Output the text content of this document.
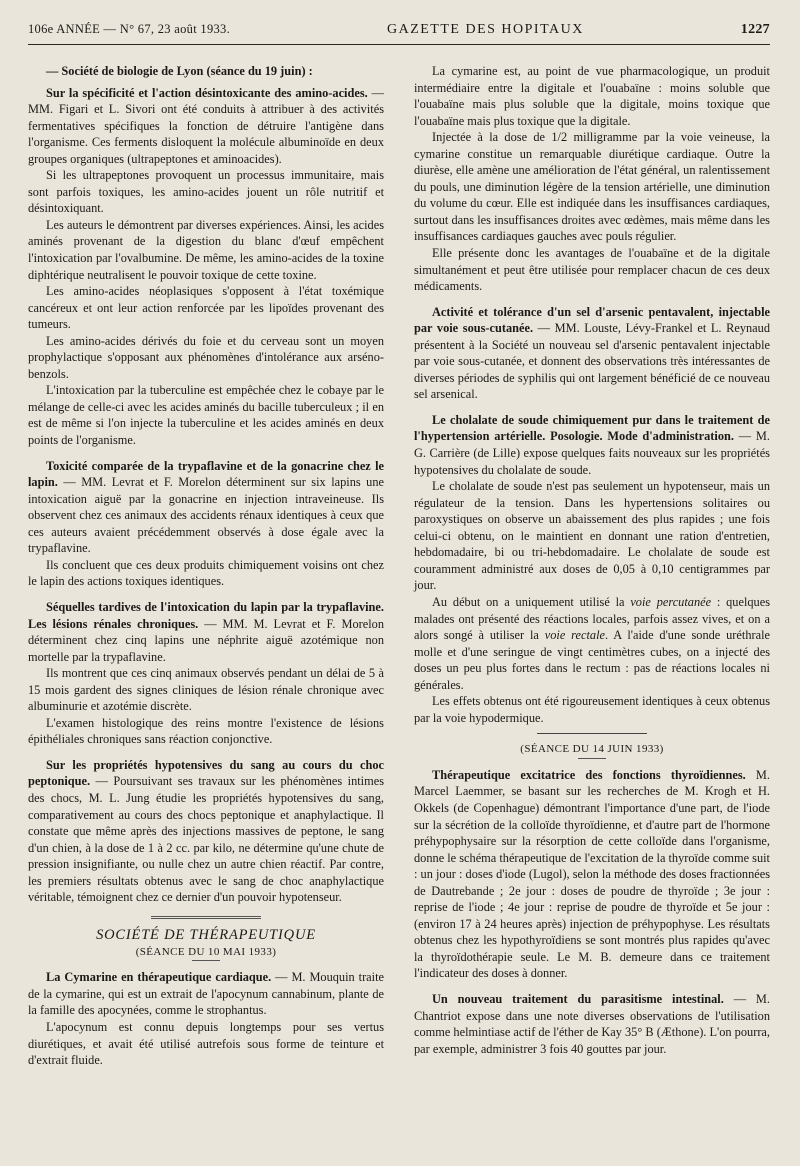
106e ANNÉE — N° 67, 23 août 1933.	GAZETTE DES HOPITAUX	1227

— Société de biologie de Lyon (séance du 19 juin) :

Sur la spécificité et l'action désintoxicante des amino-acides. — MM. Figari et L. Sivori ont été conduits à attribuer à des activités fermentatives spécifiques la fonction de détruire l'antigène dans l'organisme. Ces ferments disloquent la molécule albuminoïde en deux groupes organiques (ultrapeptones et aminoacides).

Si les ultrapeptones provoquent un processus immunitaire, mais sont parfois toxiques, les amino-acides jouent un rôle nutritif et désintoxiquant.

Les auteurs le démontrent par diverses expériences. Ainsi, les acides aminés provenant de la digestion du blanc d'œuf empêchent l'intoxication par l'ovalbumine. De même, les amino-acides de la toxine diphtérique neutralisent le pouvoir toxique de cette toxine.

Les amino-acides néoplasiques s'opposent à l'état toxémique cancéreux et ont leur action renforcée par les lipoïdes provenant des tumeurs.

Les amino-acides dérivés du foie et du cerveau sont un moyen prophylactique s'opposant aux phénomènes d'intolérance aux arséno-benzols.

L'intoxication par la tuberculine est empêchée chez le cobaye par le mélange de celle-ci avec les acides aminés du bacille tuberculeux ; il en est de même si l'on injecte la tuberculine et les acides aminés en deux points de l'organisme.

Toxicité comparée de la trypaflavine et de la gonacrine chez le lapin. — MM. Levrat et F. Morelon déterminent sur six lapins une intoxication aiguë par la gonacrine en injection intraveineuse. Ils observent chez ces animaux des accidents rénaux identiques à ceux que ces auteurs avaient précédemment observés à dose égale avec la trypaflavine.

Ils concluent que ces deux produits chimiquement voisins ont chez le lapin des actions toxiques identiques.

Séquelles tardives de l'intoxication du lapin par la trypaflavine. Les lésions rénales chroniques. — MM. M. Levrat et F. Morelon déterminent chez cinq lapins une néphrite aiguë azotémique non mortelle par la trypaflavine.

Ils montrent que ces cinq animaux observés pendant un délai de 5 à 15 mois gardent des signes cliniques de lésion rénale chronique avec albuminurie et azotémie discrète.

L'examen histologique des reins montre l'existence de lésions épithéliales chroniques sans réaction conjonctive.

Sur les propriétés hypotensives du sang au cours du choc peptonique. — Poursuivant ses travaux sur les phénomènes intimes des chocs, M. L. Jung étudie les propriétés hypotensives du sang, comparativement au cours des chocs peptonique et anaphylactique. Il constate que même après des injections massives de peptone, le sang d'un chien, à la dose de 1 à 2 cc. par kilo, ne détermine qu'une chute de pression insignifiante, ou nulle chez un autre chien réactif. Par contre, les premiers résultats obtenus avec le sang de choc anaphylactique véritable, témoignent chez ce dernier d'un pouvoir hypotenseur.

SOCIÉTÉ DE THÉRAPEUTIQUE

(SÉANCE DU 10 MAI 1933)

La Cymarine en thérapeutique cardiaque. — M. Mouquin traite de la cymarine, qui est un extrait de l'apocynum cannabinum, plante de la famille des apocynées, comme le strophantus.

L'apocynum est connu depuis longtemps pour ses vertus diurétiques, et avait été utilisé autrefois sous forme de teinture et d'extrait fluide.

La cymarine est, au point de vue pharmacologique, un produit intermédiaire entre la digitale et l'ouabaïne : moins soluble que l'ouabaïne mais plus soluble que la digitale, moins toxique que l'ouabaïne mais plus toxique que la digitale.

Injectée à la dose de 1/2 milligramme par la voie veineuse, la cymarine constitue un remarquable diurétique cardiaque. Outre la diurèse, elle amène une amélioration de l'état général, un ralentissement du pouls, une diminution légère de la tension artérielle, une diminution du volume du cœur. Elle est indiquée dans les insuffisances cardiaques, surtout dans les insuffisances droites avec œdèmes, mais même dans les insuffisances cardiaques gauches avec pouls régulier.

Elle présente donc les avantages de l'ouabaïne et de la digitale simultanément et peut être utilisée pour remplacer chacun de ces deux médicaments.

Activité et tolérance d'un sel d'arsenic pentavalent, injectable par voie sous-cutanée. — MM. Louste, Lévy-Frankel et L. Reynaud présentent à la Société un nouveau sel d'arsenic pentavalent injectable par voie sous-cutanée, et donnent des observations très intéressantes de diverses périodes de syphilis qui ont largement bénéficié de ce nouveau sel arsenical.

Le cholalate de soude chimiquement pur dans le traitement de l'hypertension artérielle. Posologie. Mode d'administration. — M. G. Carrière (de Lille) expose quelques faits nouveaux sur les propriétés hypotensives du cholalate de soude.

Le cholalate de soude n'est pas seulement un hypotenseur, mais un régulateur de la tension. Dans les hypertensions solitaires ou paroxystiques on observe un abaissement des plus rapides ; une fois celui-ci obtenu, on le maintient en donnant une ration d'entretien, hebdomadaire, bi ou tri-hebdomadaire. Le cholalate de soude est couramment administré aux doses de 0,05 à 0,10 centigrammes par jour.

Au début on a uniquement utilisé la voie percutanée : quelques malades ont présenté des réactions locales, parfois assez vives, et on a alors songé à utiliser la voie rectale. A l'aide d'une sonde uréthrale molle et d'une seringue de vingt centimètres cubes, on a injecté des doses un peu plus fortes dans le rectum : pas de réactions locales ni générales.

Les effets obtenus ont été rigoureusement identiques à ceux obtenus par la voie hypodermique.

(SÉANCE DU 14 JUIN 1933)

Thérapeutique excitatrice des fonctions thyroïdiennes. M. Marcel Laemmer, se basant sur les recherches de M. Krogh et H. Okkels (de Copenhague) démontrant l'importance d'une part, de l'iode sur la sécrétion de la colloïde thyroïdienne, et d'autre part de l'hormone préhypophysaire sur la résorption de cette colloïde dans l'organisme, donne le schéma thérapeutique de l'excitation de la thyroïde comme suit : un jour : doses d'iode (Lugol), selon la méthode des doses fractionnées de Dautrebande ; 2e jour : doses de poudre de thyroïde ; 3e jour : reprise de l'iode ; 4e jour : reprise de poudre de thyroïde et 5e jour : (environ 17 à 24 heures après) injection de préhypophyse. Les résultats obtenus chez les hypothyroïdiens se sont montrés plus rapides qu'avec la thyroïdothérapie seule. Le M. B. demeure dans ce traitement l'indicateur des doses à donner.

Un nouveau traitement du parasitisme intestinal. — M. Chantriot expose dans une note diverses observations de l'utilisation comme helmintiase actif de l'éther de Kay 35° B (Æthone). L'on pourra, par exemple, administrer 3 fois 40 gouttes par jour.
